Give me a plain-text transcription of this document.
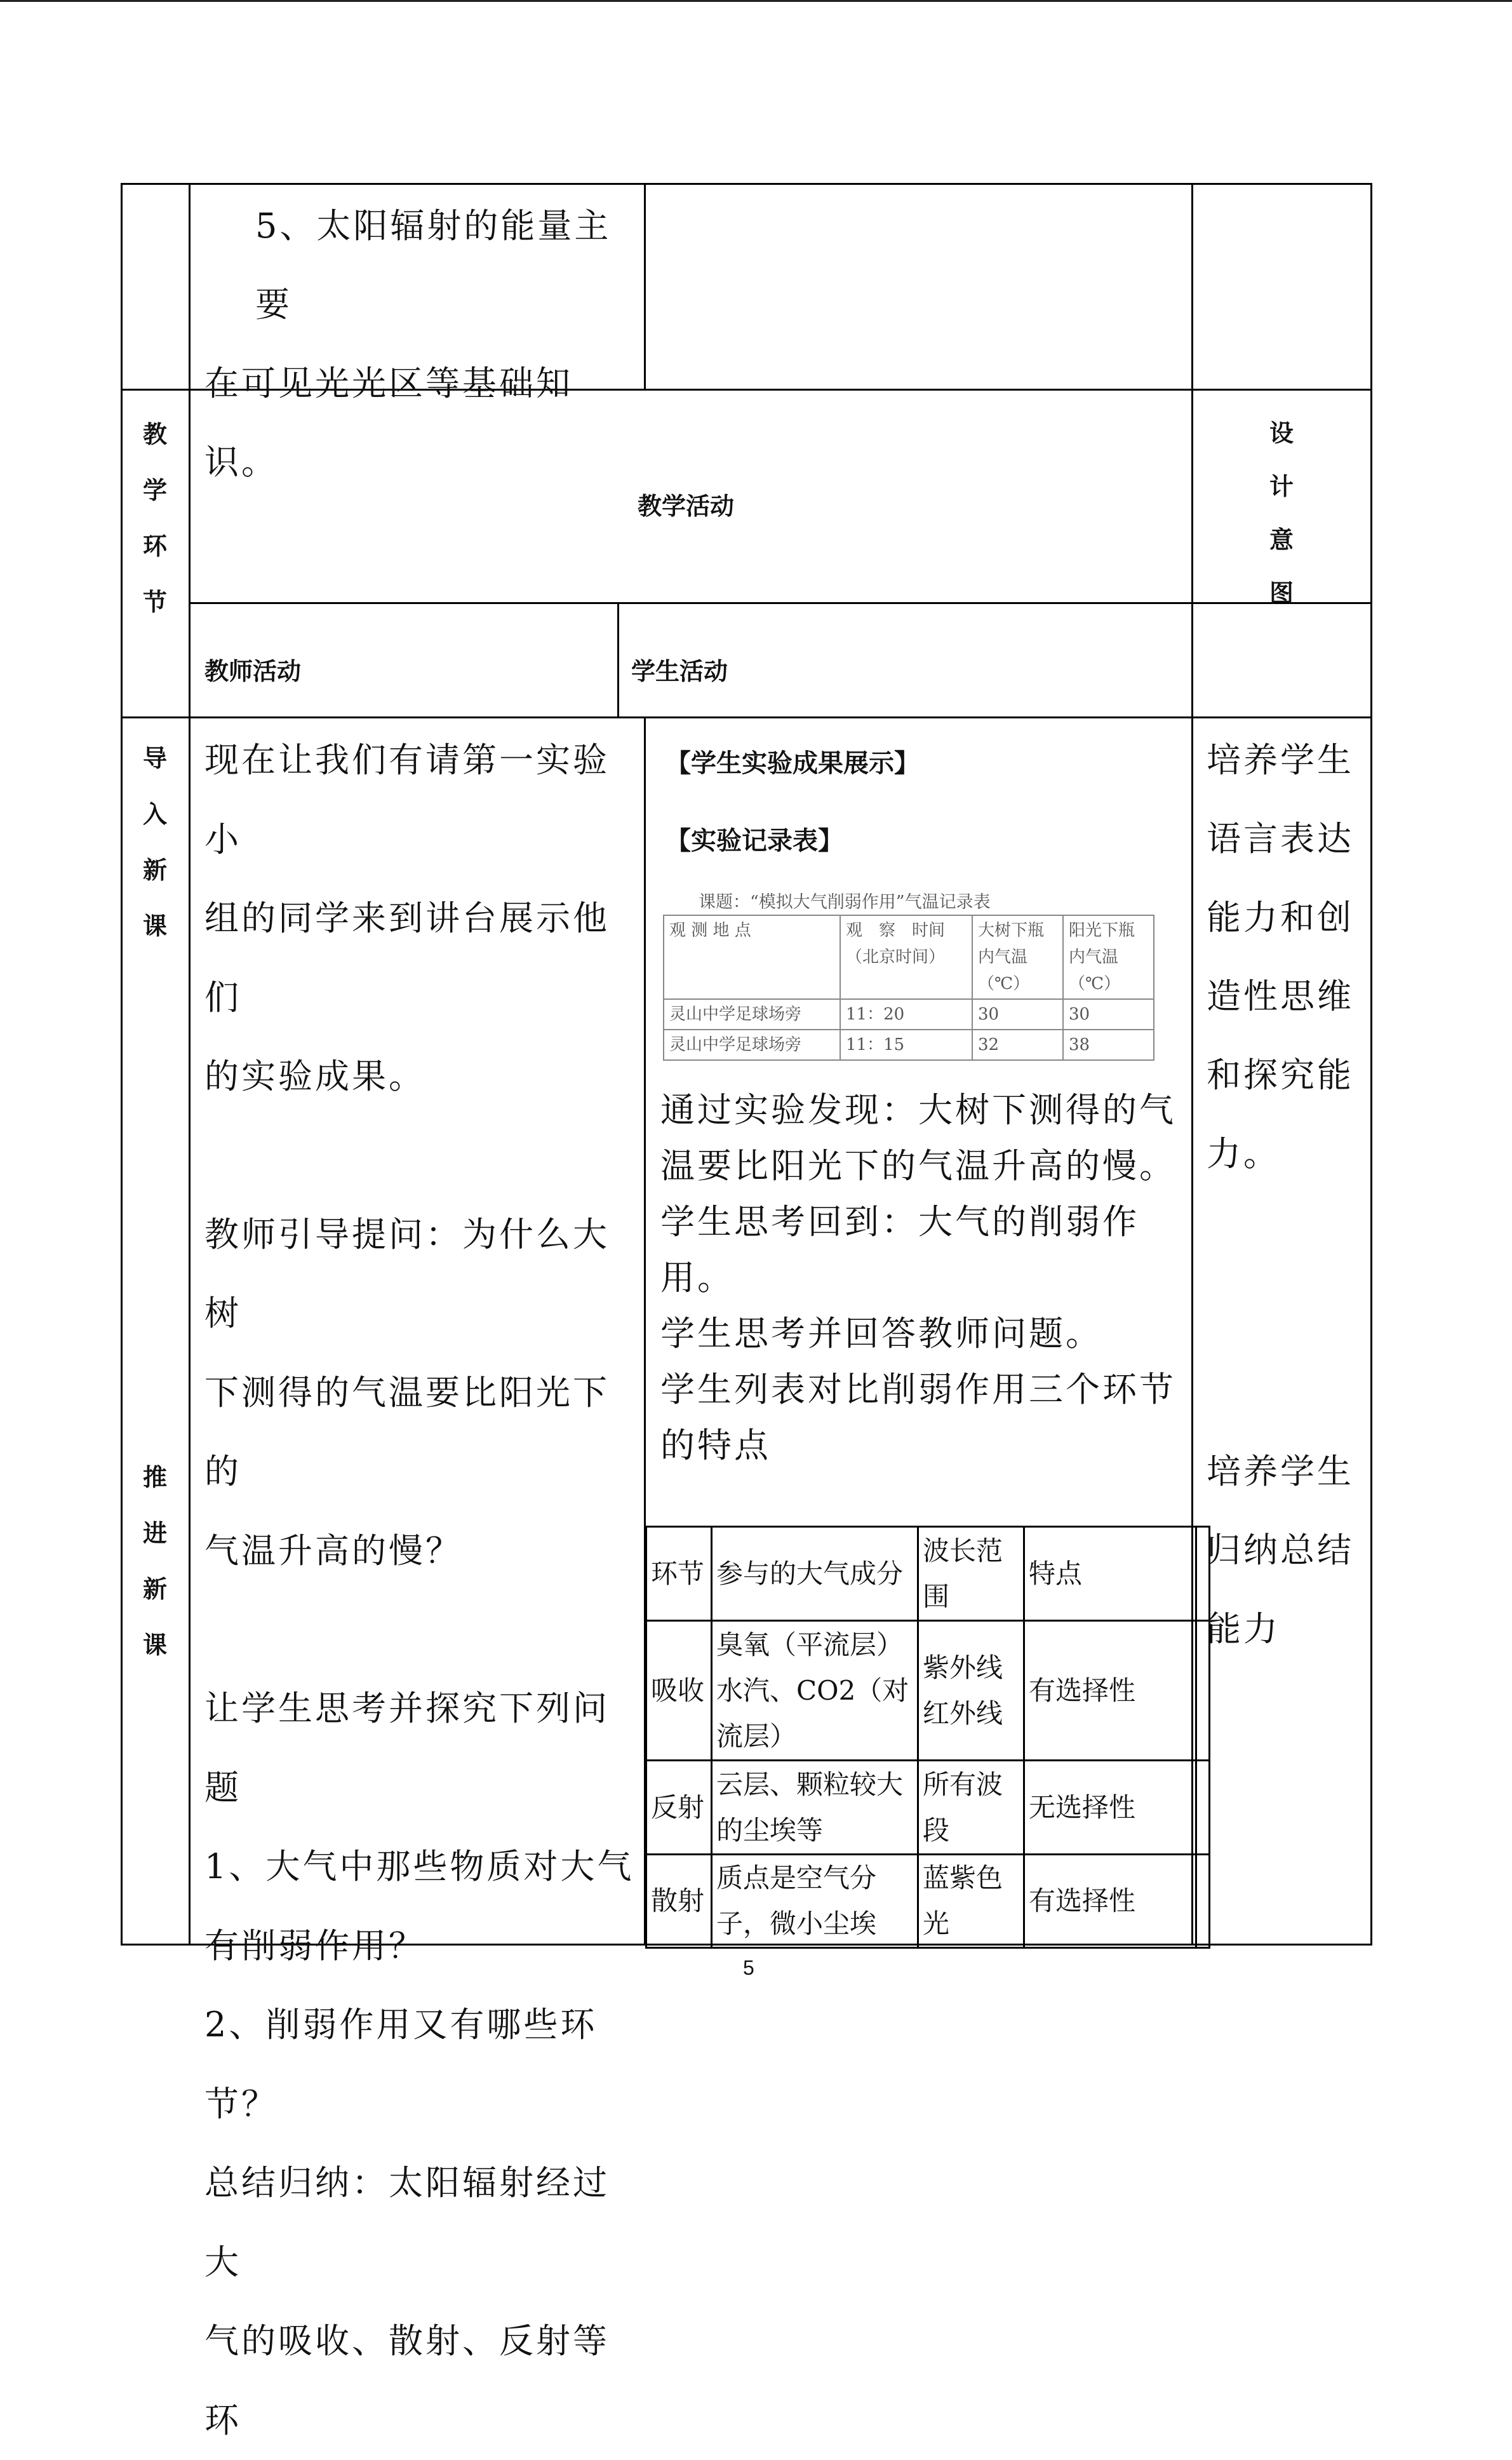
5、太阳辐射的能量主要
在可见光光区等基础知识。

教
学
环
节
教学活动
设
计
意
图
教师活动	学生活动
导
入
新
课
推
进
新
课
现在让我们有请第一实验小
组的同学来到讲台展示他们
的实验成果。
教师引导提问：为什么大树
下测得的气温要比阳光下的
气温升高的慢？
让学生思考并探究下列问题
1、大气中那些物质对大气
有削弱作用？
2、削弱作用又有哪些环
节？
总结归纳：太阳辐射经过大
气的吸收、散射、反射等环
【学生实验成果展示】
【实验记录表】
课题：“模拟大气削弱作用”气温记录表
观 测 地 点	观　察　时间（北京时间）	大树下瓶内气温（℃）	阳光下瓶内气温（℃）
灵山中学足球场旁	11：20	30	30
灵山中学足球场旁	11：15	32	38
通过实验发现：大树下测得的气
温要比阳光下的气温升高的慢。
学生思考回到：大气的削弱作
用。
学生思考并回答教师问题。
学生列表对比削弱作用三个环节
的特点
环节	参与的大气成分	波长范围	特点	
吸收	臭氧（平流层）水汽、CO2（对流层）	紫外线红外线	有选择性	
反射	云层、颗粒较大的尘埃等	所有波段	无选择性	
散射	质点是空气分子，微小尘埃	蓝紫色光	有选择性	
培养学生
语言表达
能力和创
造性思维
和探究能
力。
培养学生
归纳总结
能力
5
